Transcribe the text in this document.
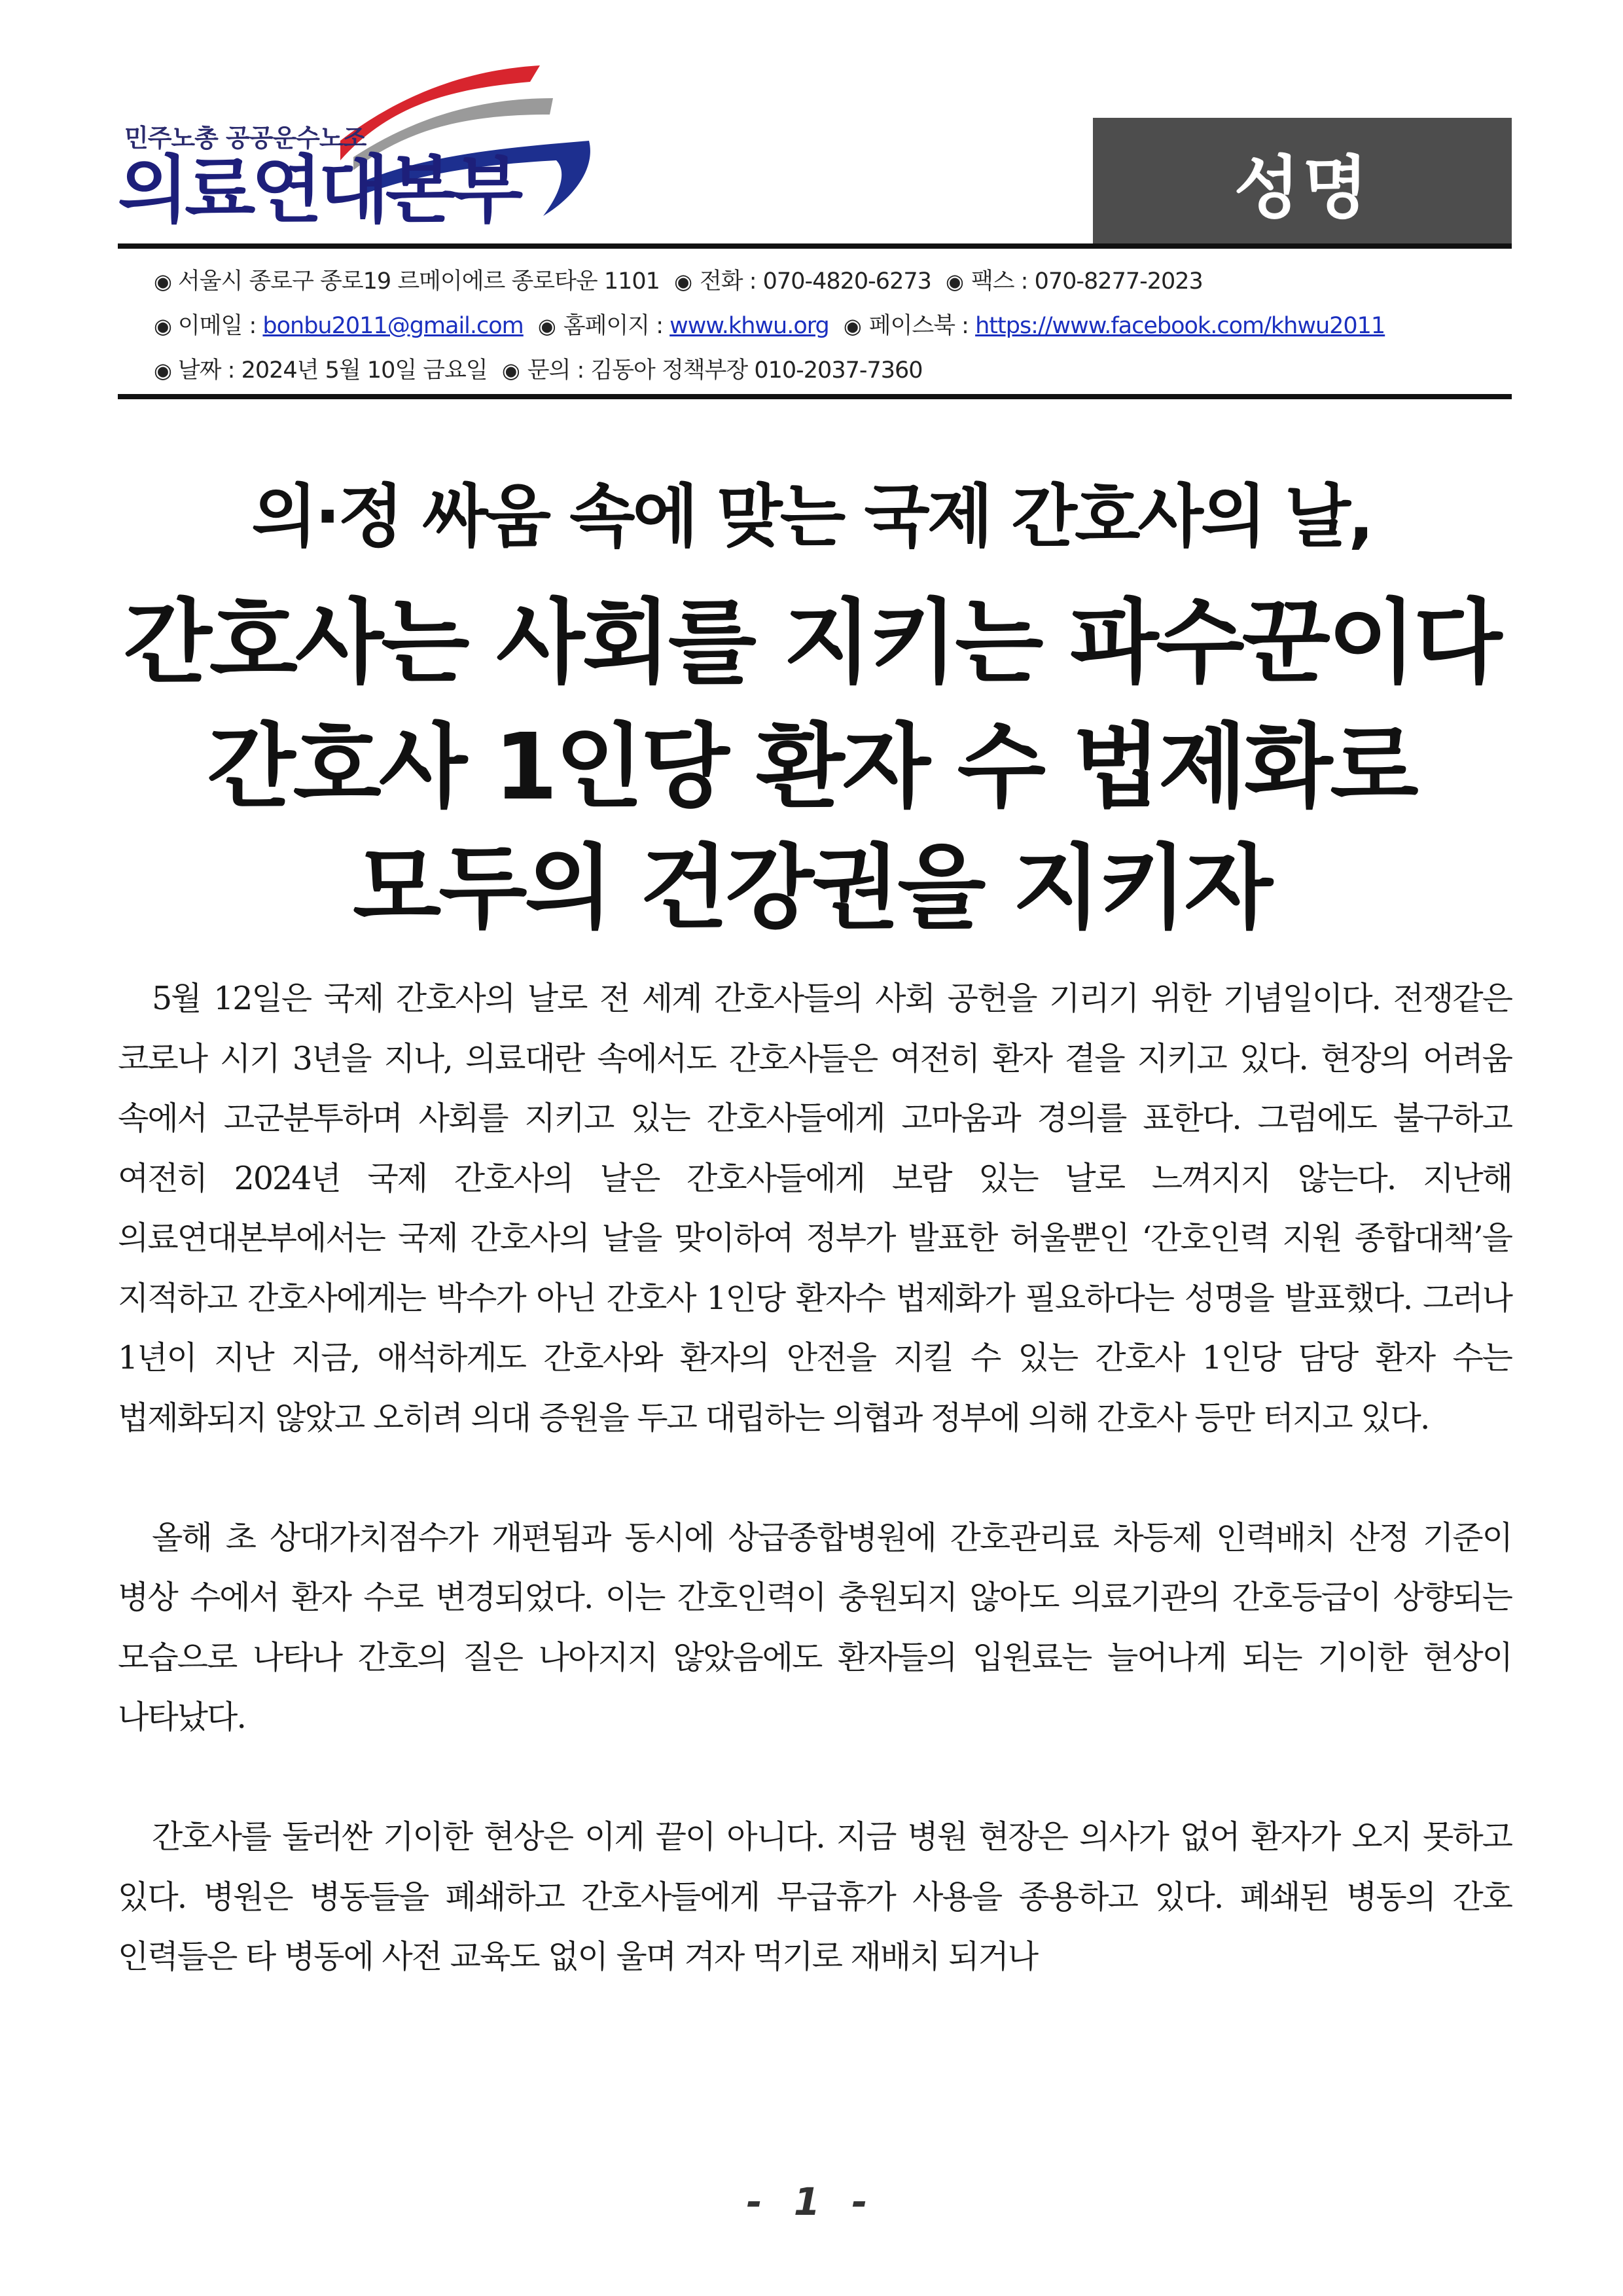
민주노총 공공운수노조
의료연대본부	성명
◉ 서울시 종로구 종로19 르메이에르 종로타운 1101 ◉ 전화 : 070-4820-6273 ◉ 팩스 : 070-8277-2023
◉ 이메일 : bonbu2011@gmail.com ◉ 홈페이지 : www.khwu.org ◉ 페이스북 : https://www.facebook.com/khwu2011
◉ 날짜 : 2024년 5월 10일 금요일 ◉ 문의 : 김동아 정책부장 010-2037-7360
의·정 싸움 속에 맞는 국제 간호사의 날,
간호사는 사회를 지키는 파수꾼이다
간호사 1인당 환자 수 법제화로
모두의 건강권을 지키자

5월 12일은 국제 간호사의 날로 전 세계 간호사들의 사회 공헌을 기리기 위한 기념일이다. 전쟁같은 코로나 시기 3년을 지나, 의료대란 속에서도 간호사들은 여전히 환자 곁을 지키고 있다. 현장의 어려움 속에서 고군분투하며 사회를 지키고 있는 간호사들에게 고마움과 경의를 표한다. 그럼에도 불구하고 여전히 2024년 국제 간호사의 날은 간호사들에게 보람 있는 날로 느껴지지 않는다. 지난해 의료연대본부에서는 국제 간호사의 날을 맞이하여 정부가 발표한 허울뿐인 ‘간호인력 지원 종합대책’을 지적하고 간호사에게는 박수가 아닌 간호사 1인당 환자수 법제화가 필요하다는 성명을 발표했다. 그러나 1년이 지난 지금, 애석하게도 간호사와 환자의 안전을 지킬 수 있는 간호사 1인당 담당 환자 수는 법제화되지 않았고 오히려 의대 증원을 두고 대립하는 의협과 정부에 의해 간호사 등만 터지고 있다.

올해 초 상대가치점수가 개편됨과 동시에 상급종합병원에 간호관리료 차등제 인력배치 산정 기준이 병상 수에서 환자 수로 변경되었다. 이는 간호인력이 충원되지 않아도 의료기관의 간호등급이 상향되는 모습으로 나타나 간호의 질은 나아지지 않았음에도 환자들의 입원료는 늘어나게 되는 기이한 현상이 나타났다.

간호사를 둘러싼 기이한 현상은 이게 끝이 아니다. 지금 병원 현장은 의사가 없어 환자가 오지 못하고 있다. 병원은 병동들을 폐쇄하고 간호사들에게 무급휴가 사용을 종용하고 있다. 폐쇄된 병동의 간호 인력들은 타 병동에 사전 교육도 없이 울며 겨자 먹기로 재배치 되거나

- 1 -
